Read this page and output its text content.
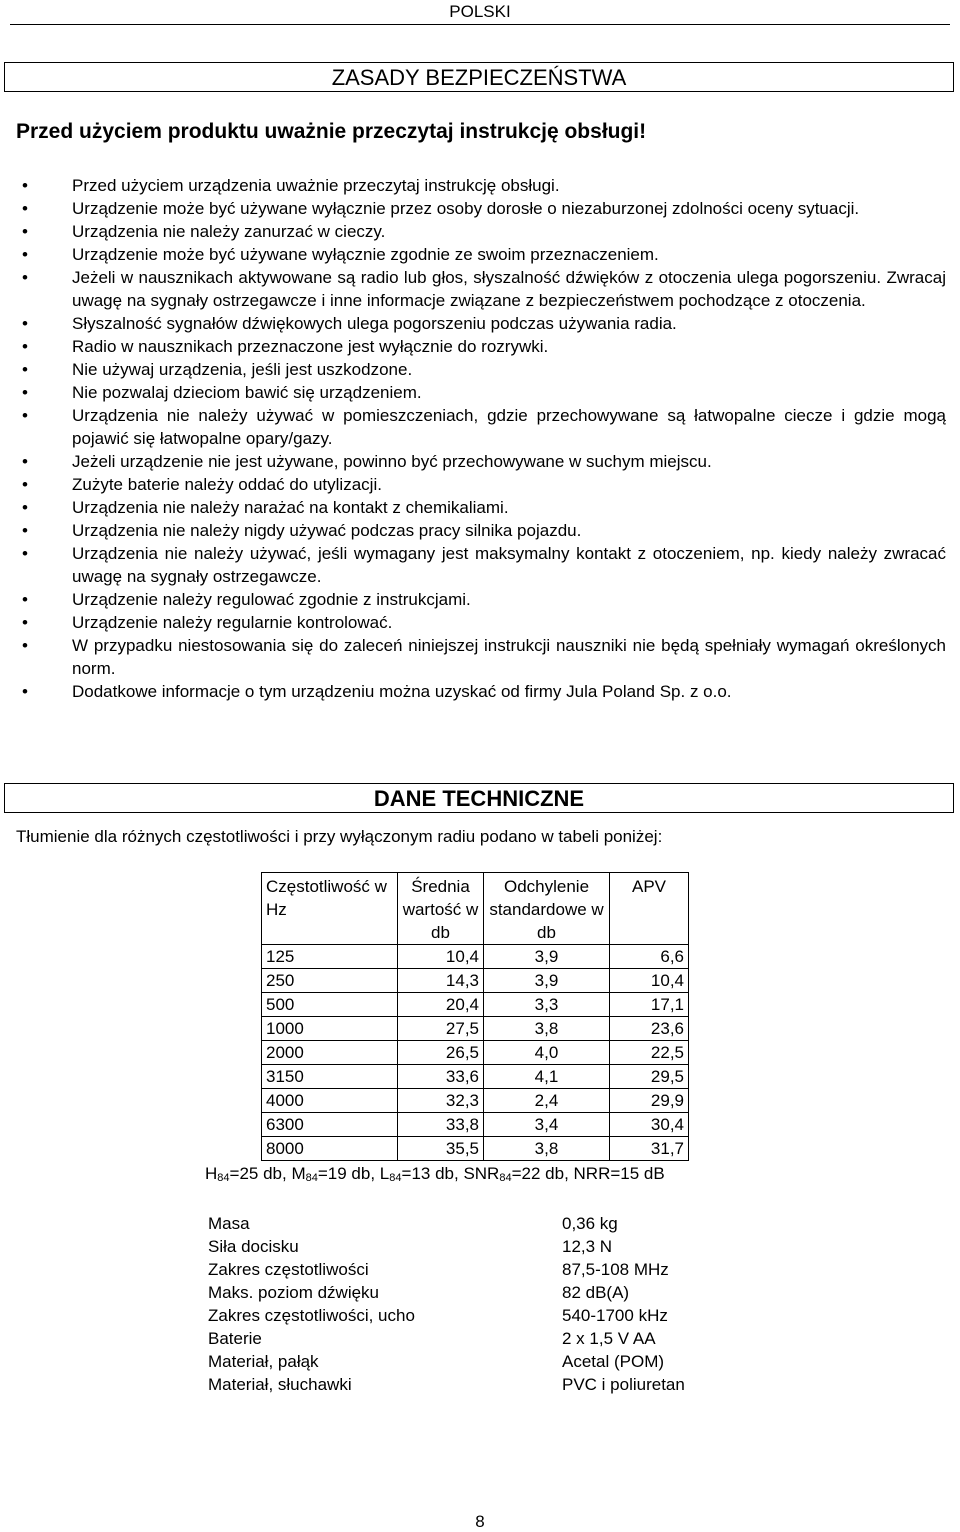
POLSKI
ZASADY BEZPIECZEŃSTWA
Przed użyciem produktu uważnie przeczytaj instrukcję obsługi!
• Przed użyciem urządzenia uważnie przeczytaj instrukcję obsługi.
• Urządzenie może być używane wyłącznie przez osoby dorosłe o niezaburzonej zdolności oceny sytuacji.
• Urządzenia nie należy zanurzać w cieczy.
• Urządzenie może być używane wyłącznie zgodnie ze swoim przeznaczeniem.
• Jeżeli w nausznikach aktywowane są radio lub głos, słyszalność dźwięków z otoczenia ulega pogorszeniu. Zwracaj uwagę na sygnały ostrzegawcze i inne informacje związane z bezpieczeństwem pochodzące z otoczenia.
• Słyszalność sygnałów dźwiękowych ulega pogorszeniu podczas używania radia.
• Radio w nausznikach przeznaczone jest wyłącznie do rozrywki.
• Nie używaj urządzenia, jeśli jest uszkodzone.
• Nie pozwalaj dzieciom bawić się urządzeniem.
• Urządzenia nie należy używać w pomieszczeniach, gdzie przechowywane są łatwopalne ciecze i gdzie mogą pojawić się łatwopalne opary/gazy.
• Jeżeli urządzenie nie jest używane, powinno być przechowywane w suchym miejscu.
• Zużyte baterie należy oddać do utylizacji.
• Urządzenia nie należy narażać na kontakt z chemikaliami.
• Urządzenia nie należy nigdy używać podczas pracy silnika pojazdu.
• Urządzenia nie należy używać, jeśli wymagany jest maksymalny kontakt z otoczeniem, np. kiedy należy zwracać uwagę na sygnały ostrzegawcze.
• Urządzenie należy regulować zgodnie z instrukcjami.
• Urządzenie należy regularnie kontrolować.
• W przypadku niestosowania się do zaleceń niniejszej instrukcji nauszniki nie będą spełniały wymagań określonych norm.
• Dodatkowe informacje o tym urządzeniu można uzyskać od firmy Jula Poland Sp. z o.o.
DANE TECHNICZNE
Tłumienie dla różnych częstotliwości i przy wyłączonym radiu podano w tabeli poniżej:
Częstotliwość w Hz	Średnia wartość w db	Odchylenie standardowe w db	APV
125	10,4	3,9	6,6
250	14,3	3,9	10,4
500	20,4	3,3	17,1
1000	27,5	3,8	23,6
2000	26,5	4,0	22,5
3150	33,6	4,1	29,5
4000	32,3	2,4	29,9
6300	33,8	3,4	30,4
8000	35,5	3,8	31,7
$H_{84}=25$ db, $M_{84}=19$ db, $L_{84}=13$ db, $SNR_{84}=22$ db, NRR=15 dB
Masa	0,36 kg
Siła docisku	12,3 N
Zakres częstotliwości	87,5-108 MHz
Maks. poziom dźwięku	82 dB(A)
Zakres częstotliwości, ucho	540-1700 kHz
Baterie	2 x 1,5 V AA
Materiał, pałąk	Acetal (POM)
Materiał, słuchawki	PVC i poliuretan
8
